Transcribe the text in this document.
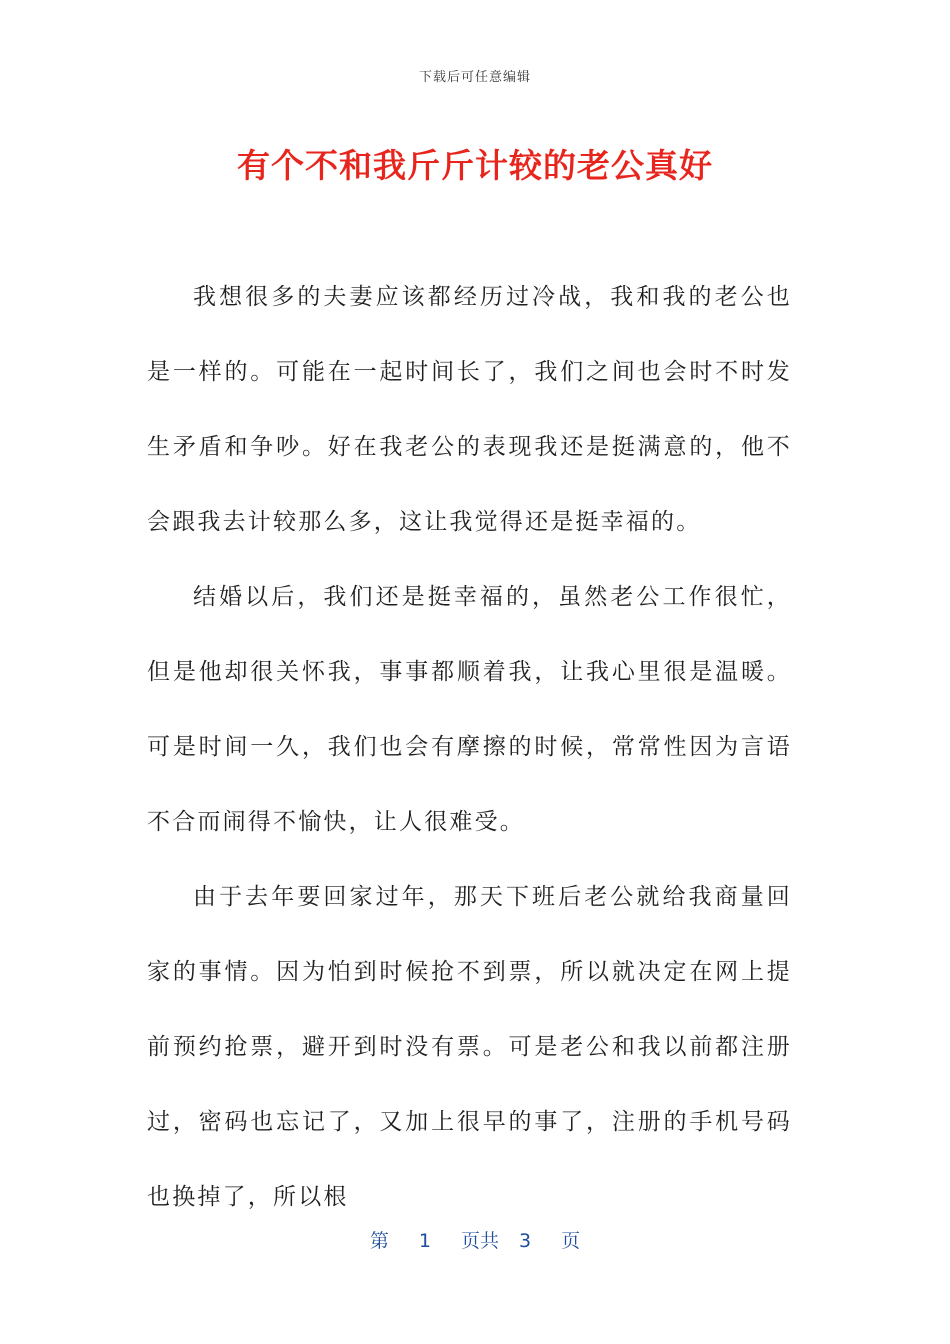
下载后可任意编辑
有个不和我斤斤计较的老公真好

我想很多的夫妻应该都经历过冷战，我和我的老公也是一样的。可能在一起时间长了，我们之间也会时不时发生矛盾和争吵。好在我老公的表现我还是挺满意的，他不会跟我去计较那么多，这让我觉得还是挺幸福的。

结婚以后，我们还是挺幸福的，虽然老公工作很忙，但是他却很关怀我，事事都顺着我，让我心里很是温暖。可是时间一久，我们也会有摩擦的时候，常常性因为言语不合而闹得不愉快，让人很难受。

由于去年要回家过年，那天下班后老公就给我商量回家的事情。因为怕到时候抢不到票，所以就决定在网上提前预约抢票，避开到时没有票。可是老公和我以前都注册过，密码也忘记了，又加上很早的事了，注册的手机号码也换掉了，所以根

第 1 页共 3 页
